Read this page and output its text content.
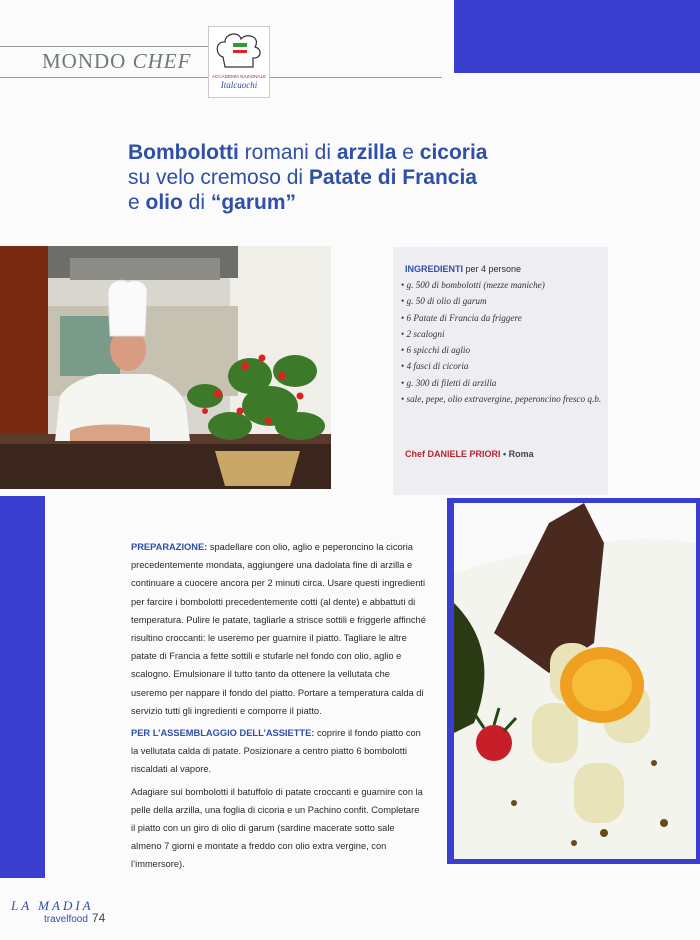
MONDO CHEF
ACCADEMIA NAZIONALE
Italcuochi
Bombolotti romani di arzilla e cicoria
su velo cremoso di Patate di Francia
e olio di “garum”
INGREDIENTI per 4 persone
• g. 500 di bombolotti (mezze maniche)
• g. 50 di olio di garum
• 6 Patate di Francia da friggere
• 2 scalogni
• 6 spicchi di aglio
• 4 fasci di cicoria
• g. 300 di filetti di arzilla
• sale, pepe, olio extravergine, peperoncino fresco q.b.
Chef DANIELE PRIORI • Roma

PREPARAZIONE: spadellare con olio, aglio e peperoncino la cicoria precedentemente mondata, aggiungere una dadolata fine di arzilla e continuare a cuocere ancora per 2 minuti circa. Usare questi ingredienti per farcire i bombolotti precedentemente cotti (al dente) e abbattuti di temperatura. Pulire le patate, tagliarle a strisce sottili e friggerle affinché risultino croccanti: le useremo per guarnire il piatto. Tagliare le altre patate di Francia a fette sottili e stufarle nel fondo con olio, aglio e scalogno. Emulsionare il tutto tanto da ottenere la vellutata che useremo per nappare il fondo del piatto. Portare a temperatura calda di servizio tutti gli ingredienti e comporre il piatto.

PER L’ASSEMBLAGGIO DELL’ASSIETTE: coprire il fondo piatto con la vellutata calda di patate. Posizionare a centro piatto 6 bombolotti riscaldati al vapore.

Adagiare sui bombolotti il batuffolo di patate croccanti e guarnire con la pelle della arzilla, una foglia di cicoria e un Pachino confit. Completare il piatto con un giro di olio di garum (sardine macerate sotto sale almeno 7 giorni e montate a freddo con olio extra vergine, con l’immersore).

LA MADIA
travelfood 74
